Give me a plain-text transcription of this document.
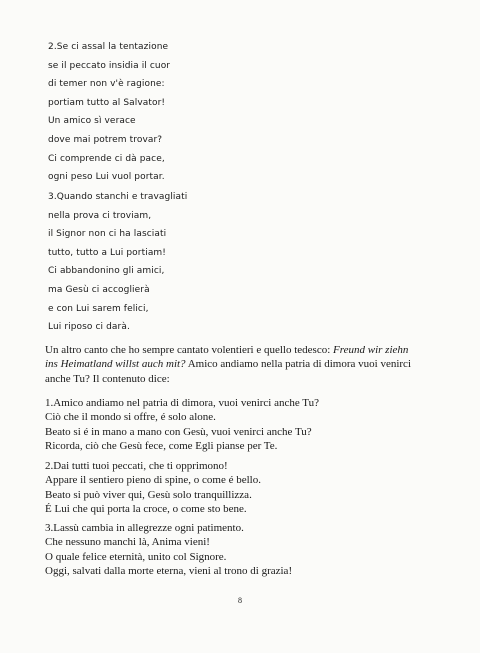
2.Se ci assal la tentazione
se il peccato insidia il cuor
di temer non v'è ragione:
portiam tutto al Salvator!
Un amico sì verace
dove mai potrem trovar?
Ci comprende ci dà pace,
ogni peso Lui vuol portar.
3.Quando stanchi e travagliati
nella prova ci troviam,
il Signor non ci ha lasciati
tutto, tutto a Lui portiam!
Ci abbandonino gli amici,
ma Gesù ci accoglierà
e con Lui sarem felici,
Lui riposo ci darà.
Un altro canto che ho sempre cantato volentieri e quello tedesco: Freund wir ziehn
ins Heimatland willst auch mit? Amico andiamo nella patria di dimora vuoi venirci
anche Tu? Il contenuto dice:
1.Amico andiamo nel patria di dimora, vuoi venirci anche Tu?
Ciò che il mondo si offre, é solo alone.
Beato si é in mano a mano con Gesù, vuoi venirci anche Tu?
Ricorda, ciò che Gesù fece, come Egli pianse per Te.
2.Dai tutti tuoi peccati, che ti opprimono!
Appare il sentiero pieno di spine, o come é bello.
Beato si può viver qui, Gesù solo tranquillizza.
É Lui che qui porta la croce, o come sto bene.
3.Lassù cambia in allegrezze ogni patimento.
Che nessuno manchi là, Anima vieni!
O quale felice eternità, unito col Signore.
Oggi, salvati dalla morte eterna, vieni al trono di grazia!
8
